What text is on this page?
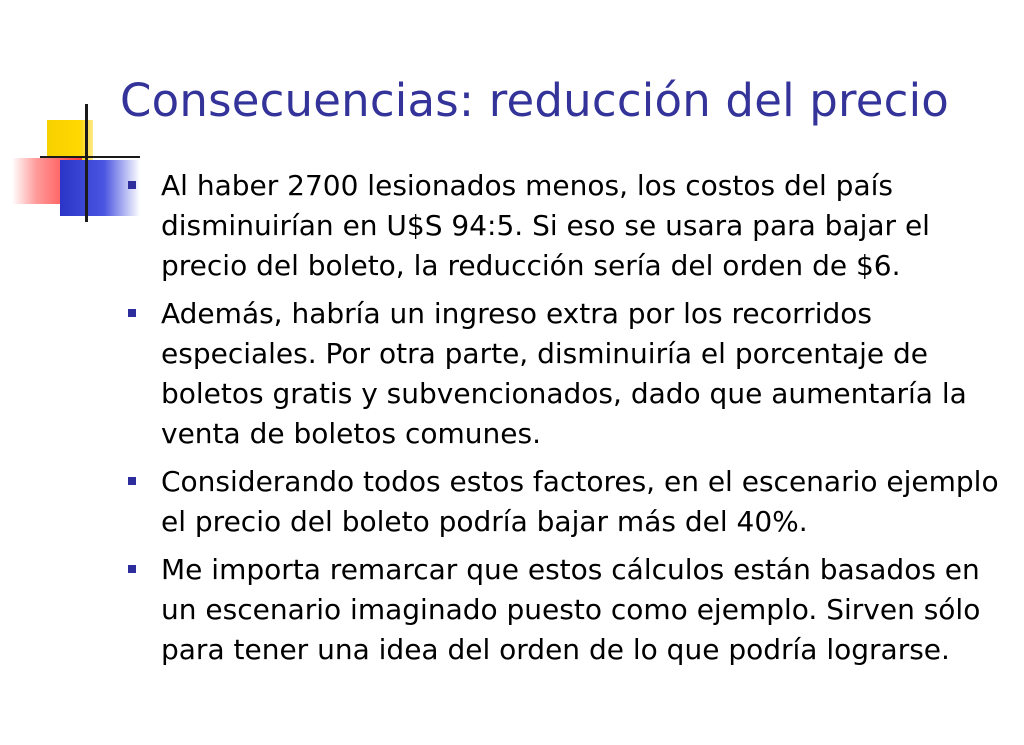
Consecuencias: reducción del precio
Al haber 2700 lesionados menos, los costos del país disminuirían en U$S 94:5. Si eso se usara para bajar el precio del boleto, la reducción sería del orden de $6.
Además, habría un ingreso extra por los recorridos especiales. Por otra parte, disminuiría el porcentaje de boletos gratis y subvencionados, dado que aumentaría la venta de boletos comunes.
Considerando todos estos factores, en el escenario ejemplo el precio del boleto podría bajar más del 40%.
Me importa remarcar que estos cálculos están basados en un escenario imaginado puesto como ejemplo. Sirven sólo para tener una idea del orden de lo que podría lograrse.
